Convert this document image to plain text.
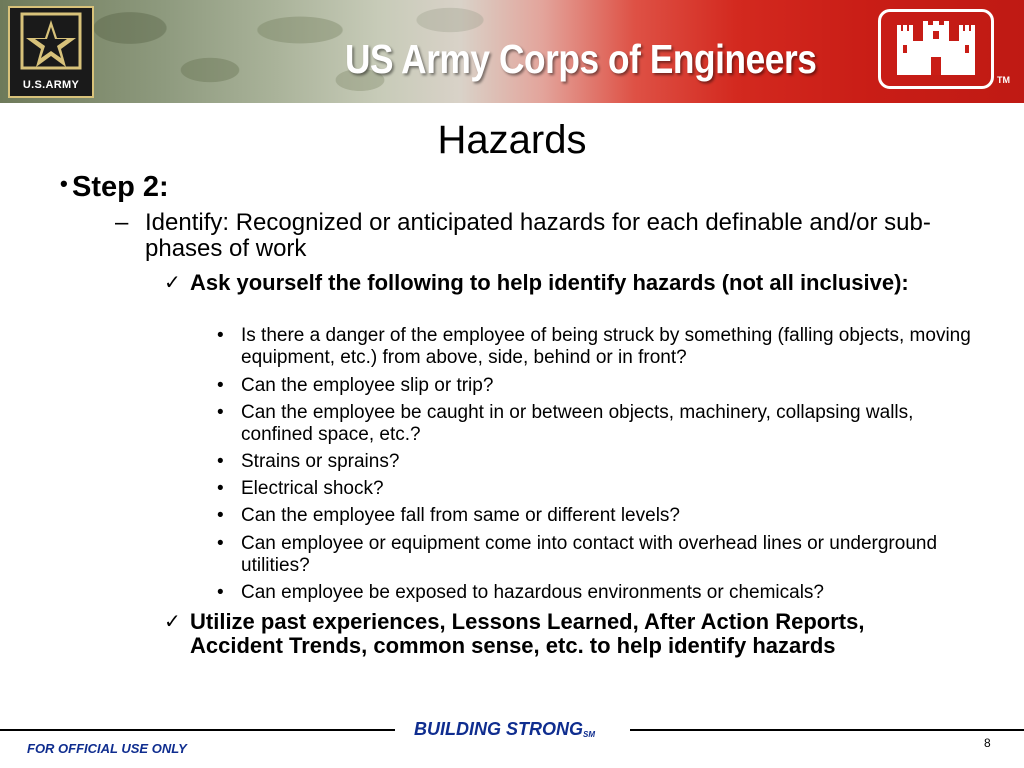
U.S.ARMY
US Army Corps of Engineers	TM
Hazards
• Step 2:
– Identify: Recognized or anticipated hazards for each definable and/or sub-phases of work
✓ Ask yourself the following to help identify hazards (not all inclusive):
• Is there a danger of the employee of being struck by something (falling objects, moving equipment, etc.) from above, side, behind or in front?
• Can the employee slip or trip?
• Can the employee be caught in or between objects, machinery, collapsing walls, confined space, etc.?
• Strains or sprains?
• Electrical shock?
• Can the employee fall from same or different levels?
• Can employee or equipment come into contact with overhead lines or underground utilities?
• Can employee be exposed to hazardous environments or chemicals?
✓ Utilize past experiences, Lessons Learned, After Action Reports, Accident Trends, common sense, etc. to help identify hazards
BUILDING STRONGSM
FOR OFFICIAL USE ONLY	8
